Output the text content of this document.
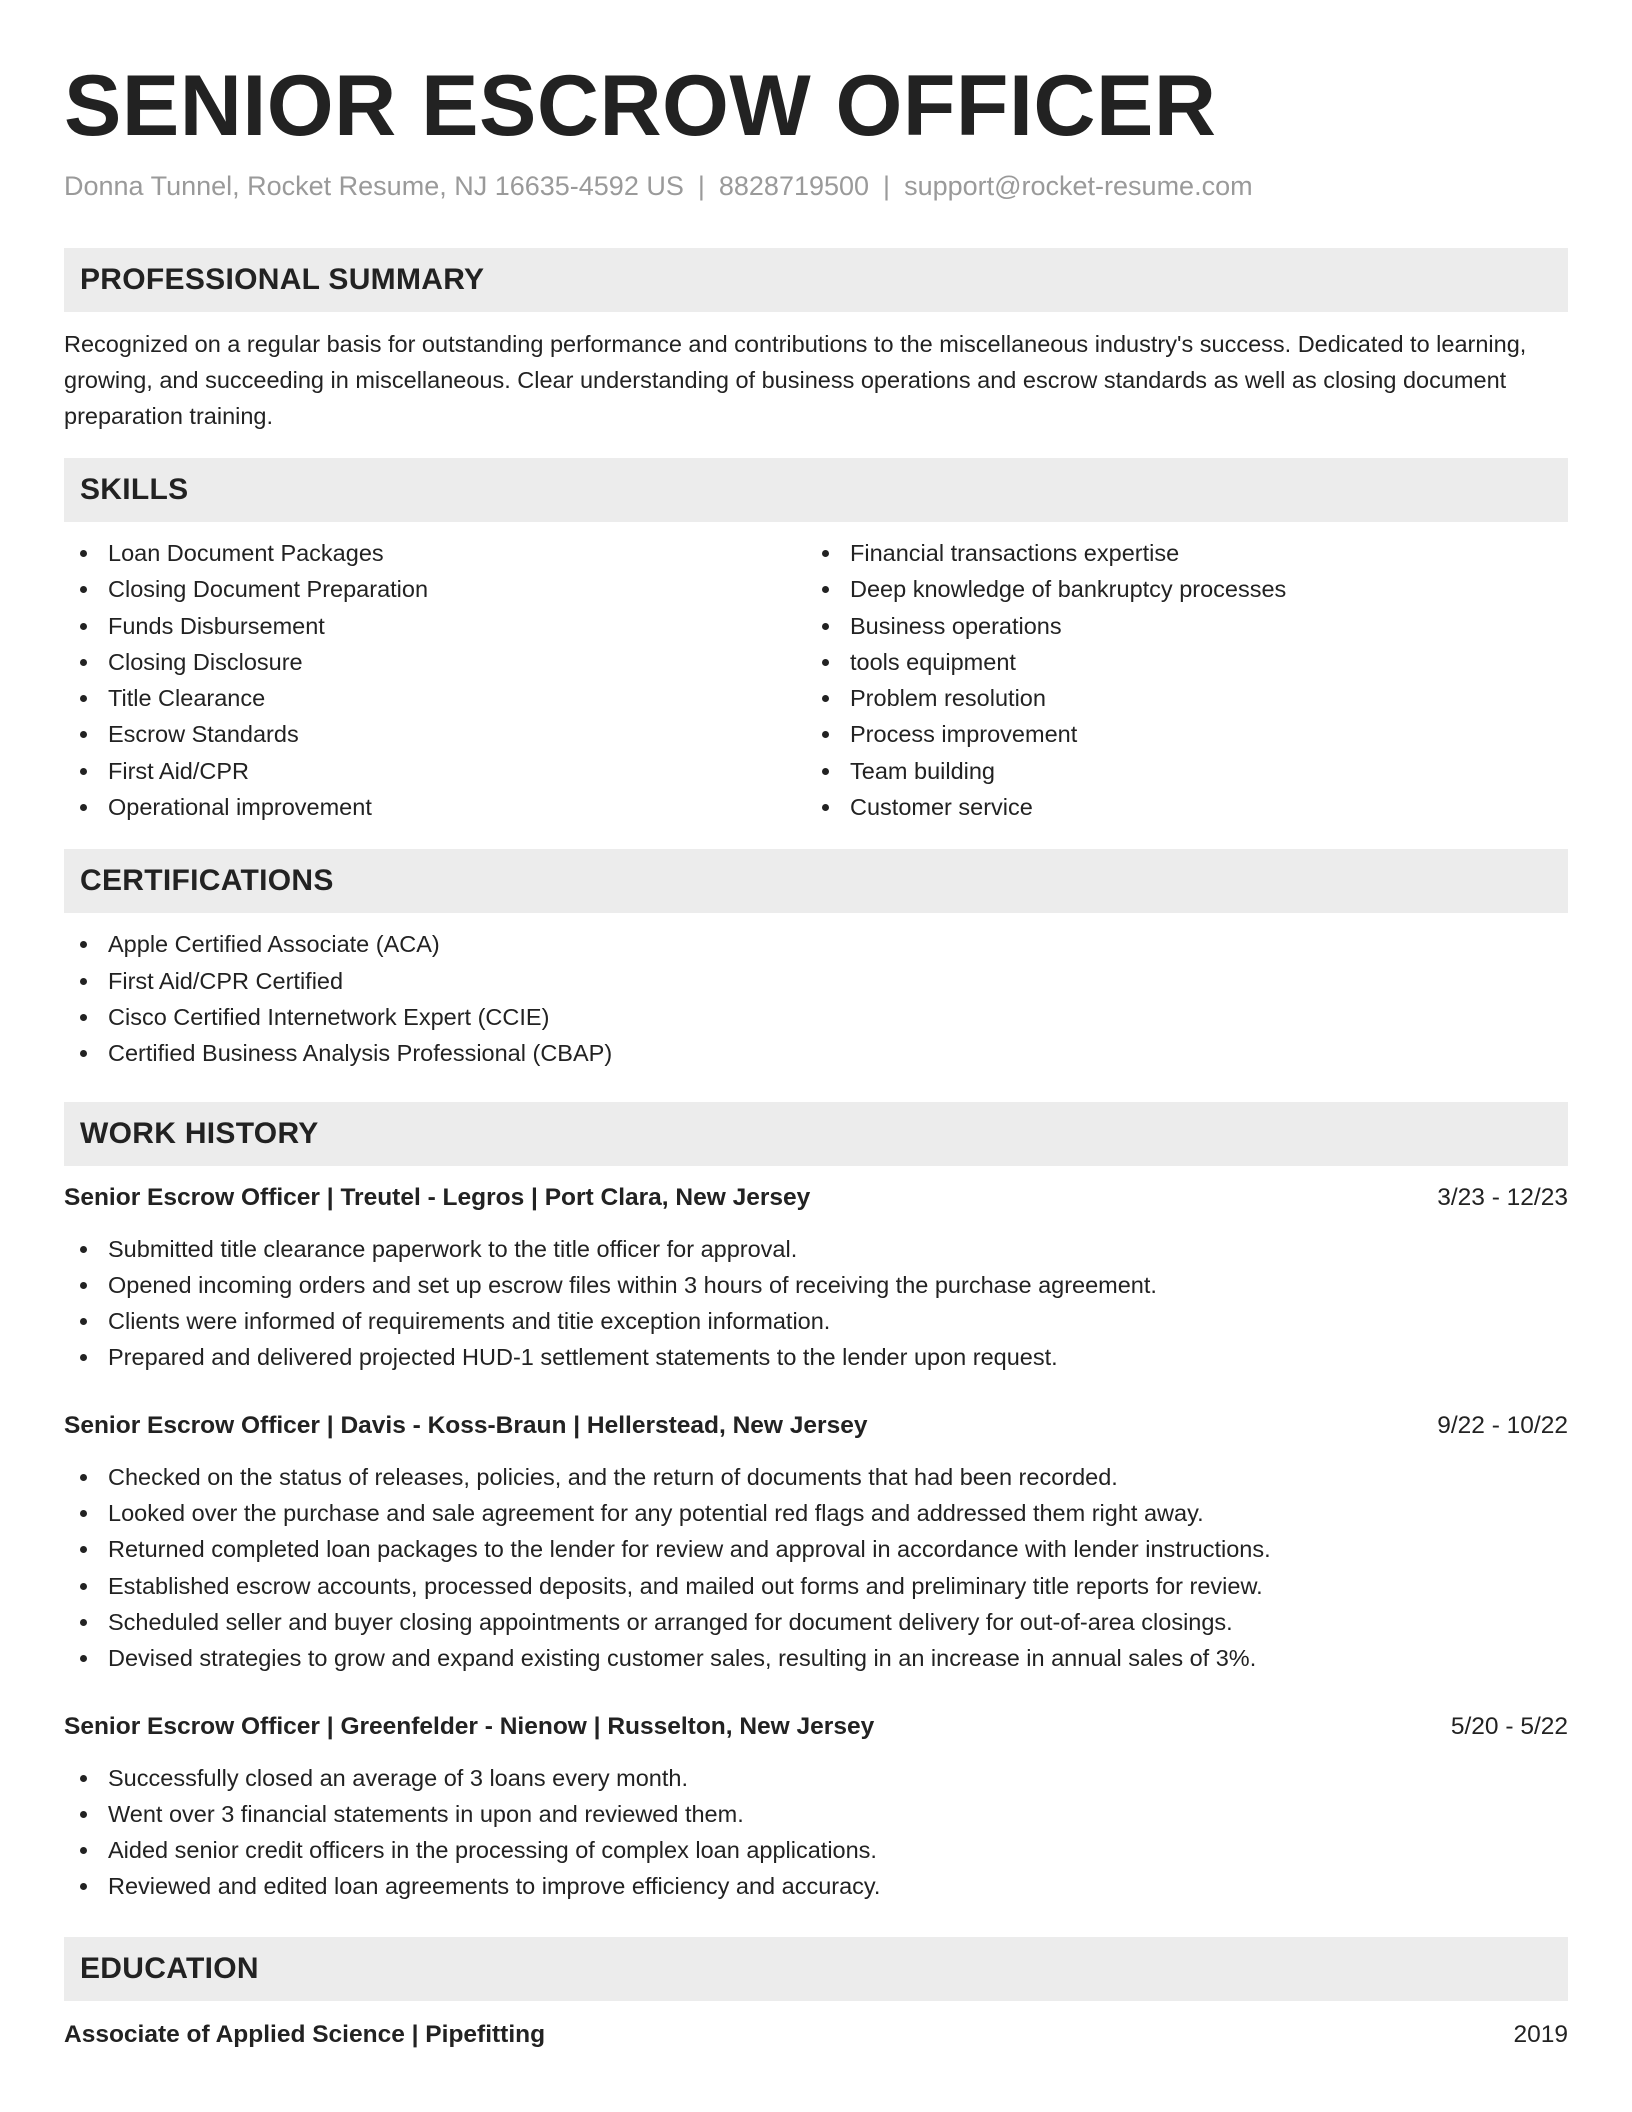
SENIOR ESCROW OFFICER
Donna Tunnel, Rocket Resume, NJ 16635-4592 US | 8828719500 | support@rocket-resume.com
PROFESSIONAL SUMMARY

Recognized on a regular basis for outstanding performance and contributions to the miscellaneous industry's success. Dedicated to learning, growing, and succeeding in miscellaneous. Clear understanding of business operations and escrow standards as well as closing document preparation training.

SKILLS
Loan Document Packages
Closing Document Preparation
Funds Disbursement
Closing Disclosure
Title Clearance
Escrow Standards
First Aid/CPR
Operational improvement
Financial transactions expertise
Deep knowledge of bankruptcy processes
Business operations
tools equipment
Problem resolution
Process improvement
Team building
Customer service
CERTIFICATIONS
Apple Certified Associate (ACA)
First Aid/CPR Certified
Cisco Certified Internetwork Expert (CCIE)
Certified Business Analysis Professional (CBAP)
WORK HISTORY
Senior Escrow Officer | Treutel - Legros | Port Clara, New Jersey	3/23 - 12/23
Submitted title clearance paperwork to the title officer for approval.
Opened incoming orders and set up escrow files within 3 hours of receiving the purchase agreement.
Clients were informed of requirements and titie exception information.
Prepared and delivered projected HUD-1 settlement statements to the lender upon request.
Senior Escrow Officer | Davis - Koss-Braun | Hellerstead, New Jersey	9/22 - 10/22
Checked on the status of releases, policies, and the return of documents that had been recorded.
Looked over the purchase and sale agreement for any potential red flags and addressed them right away.
Returned completed loan packages to the lender for review and approval in accordance with lender instructions.
Established escrow accounts, processed deposits, and mailed out forms and preliminary title reports for review.
Scheduled seller and buyer closing appointments or arranged for document delivery for out-of-area closings.
Devised strategies to grow and expand existing customer sales, resulting in an increase in annual sales of 3%.
Senior Escrow Officer | Greenfelder - Nienow | Russelton, New Jersey	5/20 - 5/22
Successfully closed an average of 3 loans every month.
Went over 3 financial statements in upon and reviewed them.
Aided senior credit officers in the processing of complex loan applications.
Reviewed and edited loan agreements to improve efficiency and accuracy.
EDUCATION
Associate of Applied Science | Pipefitting	2019
